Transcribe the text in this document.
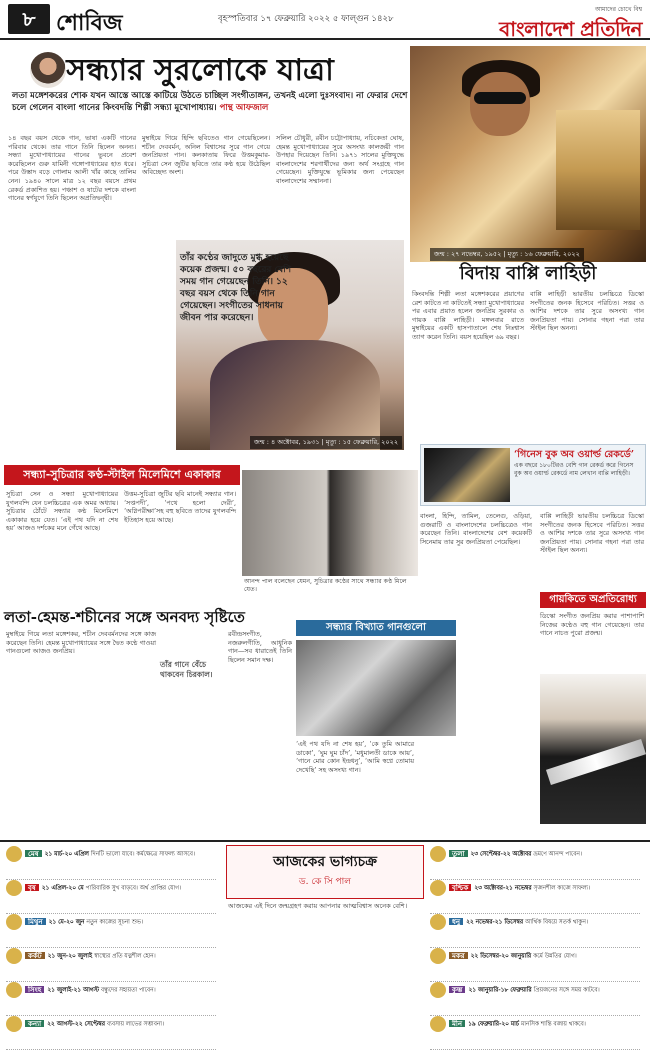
৮ শোবিজ	বৃহস্পতিবার ১৭ ফেব্রুয়ারি ২০২২ ৫ ফাল্গুন ১৪২৮
আমাদের চোখে বিশ্ব
বাংলাদেশ প্রতিদিন
সন্ধ্যার সুরলোকে যাত্রা
লতা মঙ্গেশকরের শোক যখন আস্তে আস্তে কাটিয়ে উঠতে চাচ্ছিল সংগীতাঙ্গন, তখনই এলো দুঃসংবাদ। না ফেরার দেশে চলে গেলেন বাংলা গানের কিংবদন্তি শিল্পী সন্ধ্যা মুখোপাধ্যায়। পান্থ আফজাল
১৪ বছর বয়স থেকে গান, ভাষা একটি গানের পরিবার থেকে। তার গানে তিনি ছিলেন অনন্য। সন্ধ্যা মুখোপাধ্যায়ের গানের ভুবনে প্রবেশ করেছিলেন গুরু যামিনী গঙ্গোপাধ্যায়ের হাত ধরে। পরে উস্তাদ বড়ে গোলাম আলী খাঁর কাছে তালিম নেন। ১৯৪০ সালে মাত্র ১২ বছর বয়সে প্রথম রেকর্ড প্রকাশিত হয়। পঞ্চাশ ও ষাটের দশকে বাংলা গানের স্বর্ণযুগে তিনি ছিলেন অপ্রতিদ্বন্দ্বী।
মুম্বাইয়ে গিয়ে হিন্দি ছবিতেও গান গেয়েছিলেন। শচীন দেববর্মন, অনিল বিশ্বাসের সুরে গান গেয়ে জনপ্রিয়তা পান। কলকাতায় ফিরে উত্তমকুমার-সুচিত্রা সেন জুটির ছবিতে তার কণ্ঠ হয়ে উঠেছিল অবিচ্ছেদ্য অংশ।
সলিল চৌধুরী, রবীন চট্টোপাধ্যায়, নচিকেতা ঘোষ, হেমন্ত মুখোপাধ্যায়ের সুরে অসংখ্য কালজয়ী গান উপহার দিয়েছেন তিনি। ১৯৭১ সালের মুক্তিযুদ্ধে বাংলাদেশের শরণার্থীদের জন্য অর্থ সংগ্রহে গান গেয়েছেন। মুক্তিযুদ্ধে ভূমিকার জন্য পেয়েছেন বাংলাদেশের সম্মাননা।
তাঁর কণ্ঠের জাদুতে মুগ্ধ হয়েছে কয়েক প্রজন্ম। ৫০ বছরের বেশি সময় গান গেয়েছেন তিনি। ১২ বছর বয়স থেকে তিনি গান গেয়েছেন। সংগীতের সাধনায় জীবন পার করেছেন।
জন্ম : ৪ অক্টোবর, ১৯৩১ | মৃত্যু : ১৫ ফেব্রুয়ারি, ২০২২
জন্ম : ২৭ নভেম্বর, ১৯৫২ | মৃত্যু : ১৬ ফেব্রুয়ারি, ২০২২
বিদায় বাপ্পি লাহিড়ী
কিংবদন্তি শিল্পী লতা মঙ্গেশকরের প্রয়াণের রেশ কাটতে না কাটতেই সন্ধ্যা মুখোপাধ্যায়ের পর এবার প্রয়াত হলেন জনপ্রিয় সুরকার ও গায়ক বাপ্পি লাহিড়ী। মঙ্গলবার রাতে মুম্বাইয়ের একটি হাসপাতালে শেষ নিঃশ্বাস ত্যাগ করেন তিনি। বয়স হয়েছিল ৬৯ বছর।
বাপ্পি লাহিড়ী ভারতীয় চলচ্চিত্রে ডিস্কো সংগীতের জনক হিসেবে পরিচিত। সত্তর ও আশির দশকে তার সুরে অসংখ্য গান জনপ্রিয়তা পায়। সোনার গহনা পরা তার স্টাইল ছিল অনন্য।
‘গিনেস বুক অব ওয়ার্ল্ড রেকর্ডে’
এক বছরে ১৮০টিরও বেশি গান রেকর্ড করে গিনেস বুক অব ওয়ার্ল্ড রেকর্ডে নাম লেখান বাপ্পি লাহিড়ী।
বাংলা, হিন্দি, তামিল, তেলেগু, ওড়িয়া, গুজরাটি ও বাংলাদেশের চলচ্চিত্রেও গান করেছেন তিনি। বাংলাদেশের বেশ কয়েকটি সিনেমায় তার সুর জনপ্রিয়তা পেয়েছিল।
বাপ্পি লাহিড়ী ভারতীয় চলচ্চিত্রে ডিস্কো সংগীতের জনক হিসেবে পরিচিত। সত্তর ও আশির দশকে তার সুরে অসংখ্য গান জনপ্রিয়তা পায়। সোনার গহনা পরা তার স্টাইল ছিল অনন্য।
গায়কিতে অপ্রতিরোধ্য
ডিস্কো সংগীত জনপ্রিয় করার পাশাপাশি নিজের কণ্ঠেও বহু গান গেয়েছেন। তার গানে নাচত পুরো প্রজন্ম।
সন্ধ্যা-সুচিত্রার কণ্ঠ-স্টাইল মিলেমিশে একাকার
সুচিত্রা সেন ও সন্ধ্যা মুখোপাধ্যায়ের যুগলবন্দি যেন চলচ্চিত্রের এক অমর অধ্যায়। সুচিত্রার ঠোঁটে সন্ধ্যার কণ্ঠ মিলেমিশে একাকার হয়ে যেত। ‘এই পথ যদি না শেষ হয়’ আজও দর্শকের মনে গেঁথে আছে।
উত্তম-সুচিত্রা জুটির ছবি মানেই সন্ধ্যার গান। ‘সপ্তপদী’, ‘পথে হলো দেরী’, ‘অগ্নিপরীক্ষা’সহ বহু ছবিতে তাদের যুগলবন্দি ইতিহাস হয়ে আছে।
আনন্দ পাল বলেছেন যেমন, সুচিত্রার কণ্ঠের সাথে সন্ধ্যার কণ্ঠ মিলে যেত।
লতা-হেমন্ত-শচীনের সঙ্গে অনবদ্য সৃষ্টিতে
মুম্বাইয়ে গিয়ে লতা মঙ্গেশকর, শচীন দেববর্মনদের সঙ্গে কাজ করেছেন তিনি। হেমন্ত মুখোপাধ্যায়ের সঙ্গে দ্বৈত কণ্ঠে গাওয়া গানগুলো আজও জনপ্রিয়।
তাঁর গানে বেঁচে থাকবেন চিরকাল।
রবীন্দ্রসংগীত, নজরুলগীতি, আধুনিক গান—সব ধারাতেই তিনি ছিলেন সমান দক্ষ।
সন্ধ্যার বিখ্যাত গানগুলো
‘এই পথ যদি না শেষ হয়’, ‘কে তুমি আমারে ডাকো’, ‘ঘুম ঘুম চাঁদ’, ‘মধুমালতী ডাকে আয়’, ‘গানে মোর কোন ইন্দ্রধনু’, ‘আমি স্বপ্নে তোমায় দেখেছি’ সহ অসংখ্য গান।
আজকের ভাগ্যচক্র
ড. কে সি পাল
আজকের এই দিনে জন্মগ্রহণ করায় আপনার আত্মবিশ্বাস অনেক বেশি।
মেষ ২১ মার্চ-২০ এপ্রিল দিনটি ভালো যাবে। কর্মক্ষেত্রে সাফল্য আসবে।
বৃষ ২১ এপ্রিল-২০ মে পারিবারিক সুখ বাড়বে। অর্থ প্রাপ্তির যোগ।
মিথুন ২১ মে-২০ জুন নতুন কাজের সূচনা শুভ।
কর্কট ২১ জুন-২০ জুলাই স্বাস্থ্যের প্রতি যত্নশীল হোন।
সিংহ ২১ জুলাই-২১ আগস্ট বন্ধুদের সহায়তা পাবেন।
কন্যা ২২ আগস্ট-২২ সেপ্টেম্বর ব্যবসায় লাভের সম্ভাবনা।
তুলা ২৩ সেপ্টেম্বর-২২ অক্টোবর ভ্রমণে আনন্দ পাবেন।
বৃশ্চিক ২৩ অক্টোবর-২১ নভেম্বর সৃজনশীল কাজে সাফল্য।
ধনু ২২ নভেম্বর-২১ ডিসেম্বর আর্থিক বিষয়ে সতর্ক থাকুন।
মকর ২২ ডিসেম্বর-২০ জানুয়ারি কর্মে উন্নতির যোগ।
কুম্ভ ২১ জানুয়ারি-১৮ ফেব্রুয়ারি প্রিয়জনের সঙ্গে সময় কাটবে।
মীন ১৯ ফেব্রুয়ারি-২০ মার্চ মানসিক শান্তি বজায় থাকবে।
